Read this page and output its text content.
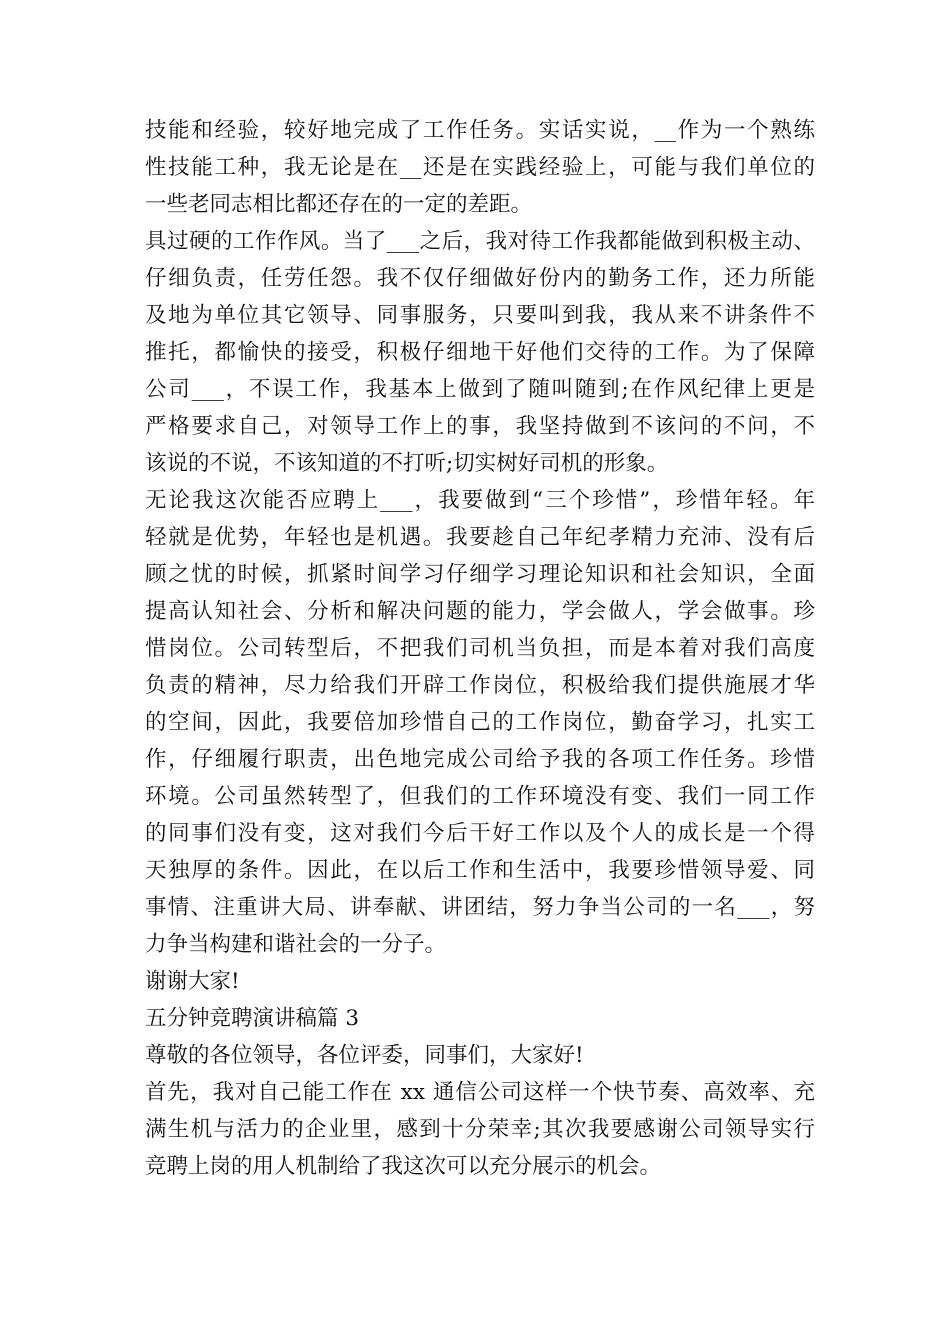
技能和经验，较好地完成了工作任务。实话实说，__作为一个熟练
性技能工种，我无论是在__还是在实践经验上，可能与我们单位的
一些老同志相比都还存在的一定的差距。
具过硬的工作作风。当了___之后，我对待工作我都能做到积极主动、
仔细负责，任劳任怨。我不仅仔细做好份内的勤务工作，还力所能
及地为单位其它领导、同事服务，只要叫到我，我从来不讲条件不
推托，都愉快的接受，积极仔细地干好他们交待的工作。为了保障
公司___，不误工作，我基本上做到了随叫随到;在作风纪律上更是
严格要求自己，对领导工作上的事，我坚持做到不该问的不问，不
该说的不说，不该知道的不打听;切实树好司机的形象。
无论我这次能否应聘上___，我要做到“三个珍惜”，珍惜年轻。年
轻就是优势，年轻也是机遇。我要趁自己年纪孝精力充沛、没有后
顾之忧的时候，抓紧时间学习仔细学习理论知识和社会知识，全面
提高认知社会、分析和解决问题的能力，学会做人，学会做事。珍
惜岗位。公司转型后，不把我们司机当负担，而是本着对我们高度
负责的精神，尽力给我们开辟工作岗位，积极给我们提供施展才华
的空间，因此，我要倍加珍惜自己的工作岗位，勤奋学习，扎实工
作，仔细履行职责，出色地完成公司给予我的各项工作任务。珍惜
环境。公司虽然转型了，但我们的工作环境没有变、我们一同工作
的同事们没有变，这对我们今后干好工作以及个人的成长是一个得
天独厚的条件。因此，在以后工作和生活中，我要珍惜领导爱、同
事情、注重讲大局、讲奉献、讲团结，努力争当公司的一名___，努
力争当构建和谐社会的一分子。
谢谢大家!
五分钟竞聘演讲稿篇 3
尊敬的各位领导，各位评委，同事们，大家好!
首先，我对自己能工作在 xx 通信公司这样一个快节奏、高效率、充
满生机与活力的企业里，感到十分荣幸;其次我要感谢公司领导实行
竞聘上岗的用人机制给了我这次可以充分展示的机会。
